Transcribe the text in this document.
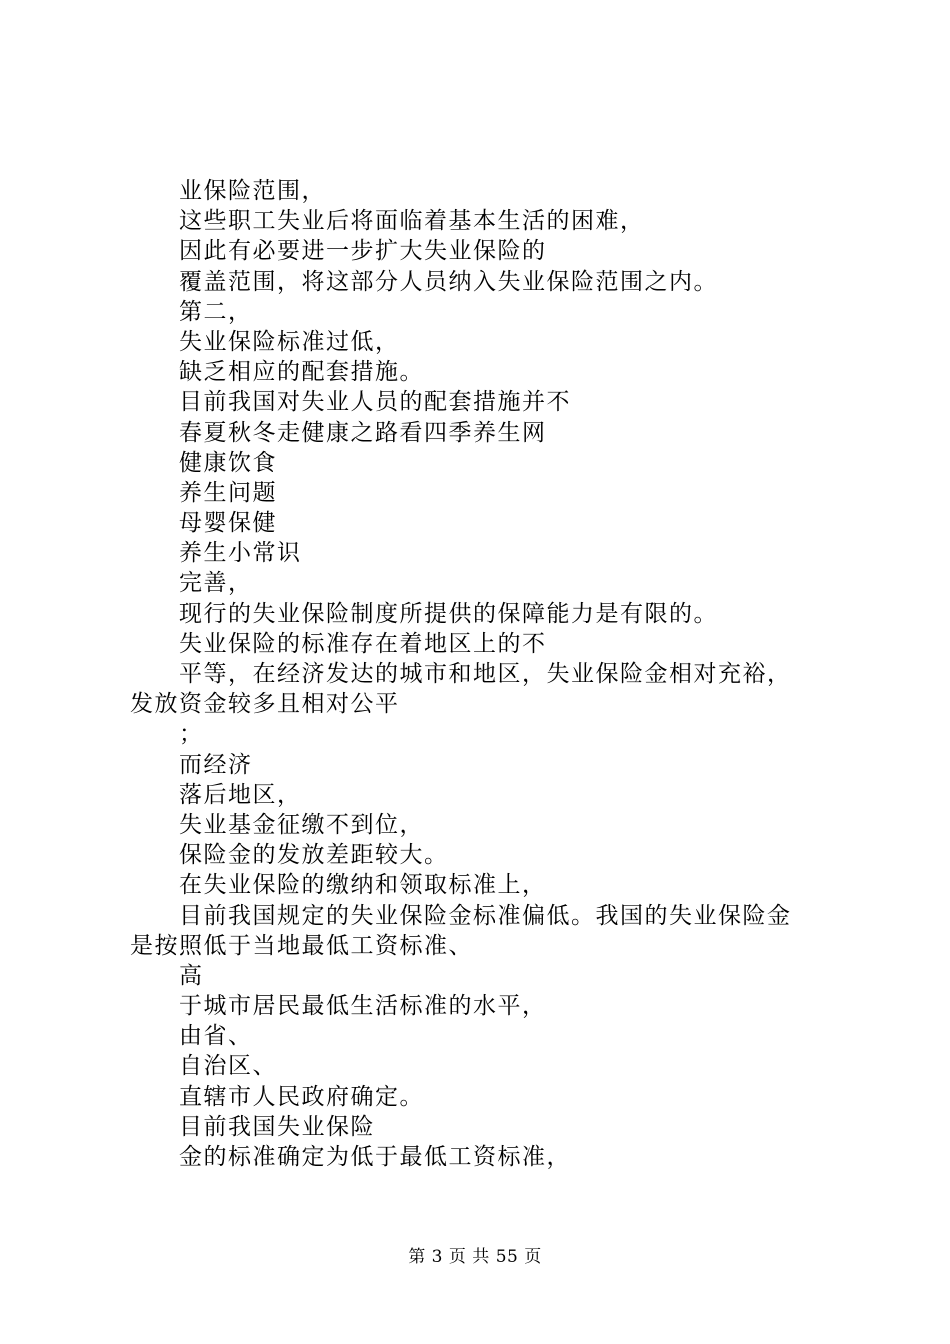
业保险范围，
这些职工失业后将面临着基本生活的困难，
因此有必要进一步扩大失业保险的
覆盖范围，将这部分人员纳入失业保险范围之内。
第二，
失业保险标准过低，
缺乏相应的配套措施。
目前我国对失业人员的配套措施并不
春夏秋冬走健康之路看四季养生网
健康饮食
养生问题
母婴保健
养生小常识
完善，
现行的失业保险制度所提供的保障能力是有限的。
失业保险的标准存在着地区上的不
平等，在经济发达的城市和地区，失业保险金相对充裕，
发放资金较多且相对公平
；
而经济
落后地区，
失业基金征缴不到位，
保险金的发放差距较大。
在失业保险的缴纳和领取标准上，
目前我国规定的失业保险金标准偏低。我国的失业保险金
是按照低于当地最低工资标准、
高
于城市居民最低生活标准的水平，
由省、
自治区、
直辖市人民政府确定。
目前我国失业保险
金的标准确定为低于最低工资标准，
第 3 页 共 55 页
